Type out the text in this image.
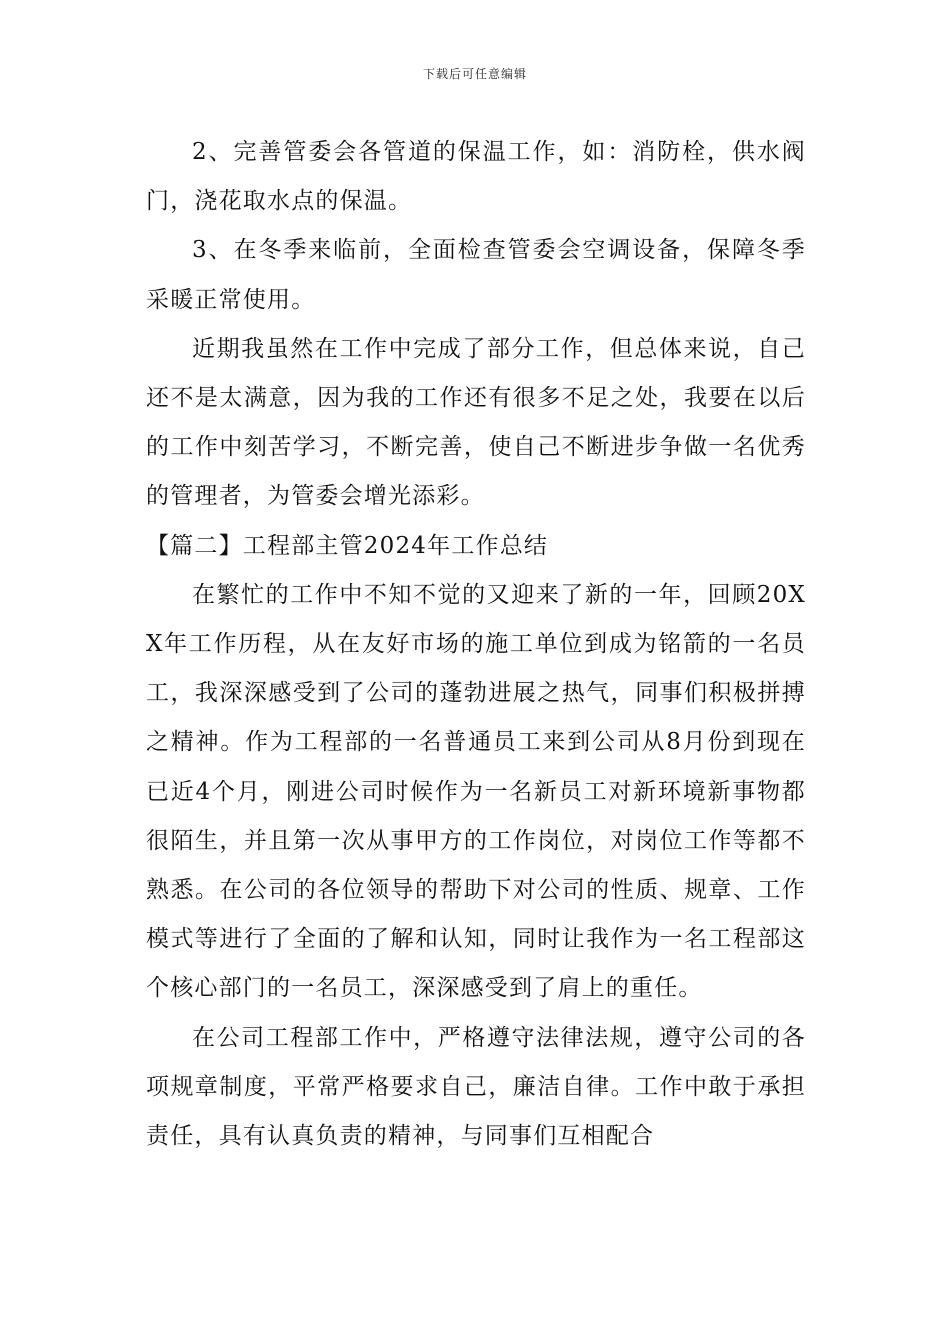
下载后可任意编辑

2、完善管委会各管道的保温工作，如：消防栓，供水阀门，浇花取水点的保温。

3、在冬季来临前，全面检查管委会空调设备，保障冬季采暖正常使用。

近期我虽然在工作中完成了部分工作，但总体来说，自己还不是太满意，因为我的工作还有很多不足之处，我要在以后的工作中刻苦学习，不断完善，使自己不断进步争做一名优秀的管理者，为管委会增光添彩。

【篇二】工程部主管2024年工作总结

在繁忙的工作中不知不觉的又迎来了新的一年，回顾20XX年工作历程，从在友好市场的施工单位到成为铭箭的一名员工，我深深感受到了公司的蓬勃进展之热气，同事们积极拼搏之精神。作为工程部的一名普通员工来到公司从8月份到现在已近4个月，刚进公司时候作为一名新员工对新环境新事物都很陌生，并且第一次从事甲方的工作岗位，对岗位工作等都不熟悉。在公司的各位领导的帮助下对公司的性质、规章、工作模式等进行了全面的了解和认知，同时让我作为一名工程部这个核心部门的一名员工，深深感受到了肩上的重任。

在公司工程部工作中，严格遵守法律法规，遵守公司的各项规章制度，平常严格要求自己，廉洁自律。工作中敢于承担责任，具有认真负责的精神，与同事们互相配合
